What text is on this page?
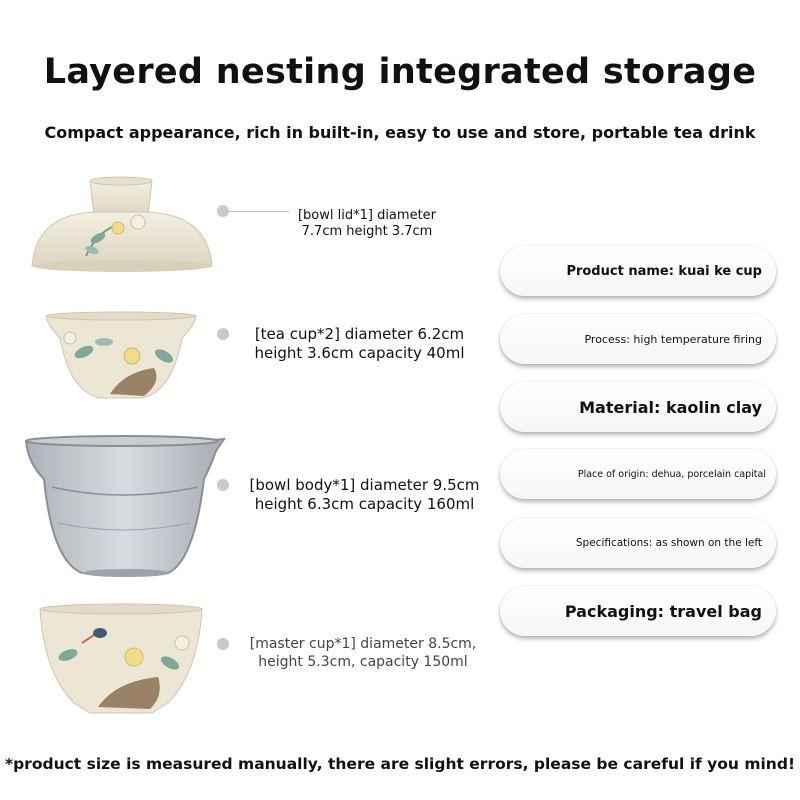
Layered nesting integrated storage
Compact appearance, rich in built-in, easy to use and store, portable tea drink
[bowl lid*1] diameter
7.7cm height 3.7cm
[tea cup*2] diameter 6.2cm
height 3.6cm capacity 40ml
[bowl body*1] diameter 9.5cm
height 6.3cm capacity 160ml
[master cup*1] diameter 8.5cm,
height 5.3cm, capacity 150ml
Product name: kuai ke cup
Process: high temperature firing
Material: kaolin clay
Place of origin: dehua, porcelain capital
Specifications: as shown on the left
Packaging: travel bag
*product size is measured manually, there are slight errors, please be careful if you mind!
